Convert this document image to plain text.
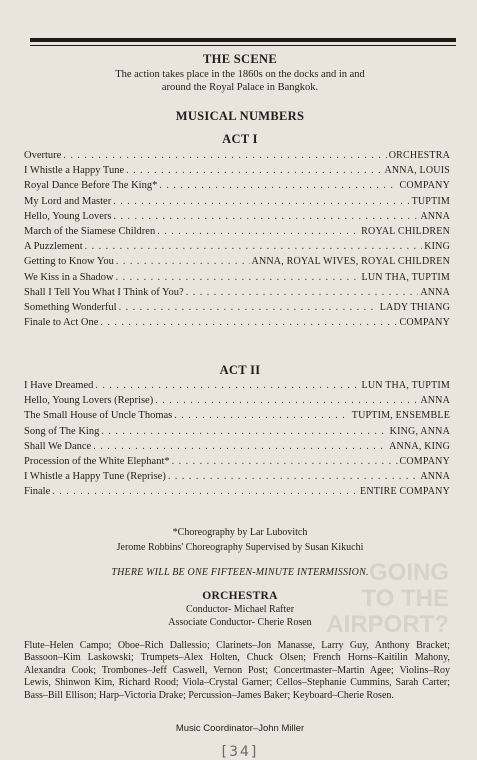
GOING
TO THE
AIRPORT?
THE SCENE
The action takes place in the 1860s on the docks and in and
around the Royal Palace in Bangkok.
MUSICAL NUMBERS
ACT I
Overture . . .	ORCHESTRA
I Whistle a Happy Tune . . .	ANNA, LOUIS
Royal Dance Before The King* . . .	COMPANY
My Lord and Master . . .	TUPTIM
Hello, Young Lovers . . .	ANNA
March of the Siamese Children . . .	ROYAL CHILDREN
A Puzzlement . . .	KING
Getting to Know You . . .	ANNA, ROYAL WIVES, ROYAL CHILDREN
We Kiss in a Shadow . . .	LUN THA, TUPTIM
Shall I Tell You What I Think of You? . . .	ANNA
Something Wonderful . . .	LADY THIANG
Finale to Act One . . .	COMPANY
ACT II
I Have Dreamed . . .	LUN THA, TUPTIM
Hello, Young Lovers (Reprise) . . .	ANNA
The Small House of Uncle Thomas . . .	TUPTIM, ENSEMBLE
Song of The King . . .	KING, ANNA
Shall We Dance . . .	ANNA, KING
Procession of the White Elephant* . . .	COMPANY
I Whistle a Happy Tune (Reprise) . . .	ANNA
Finale . . .	ENTIRE COMPANY
*Choreography by Lar Lubovitch
Jerome Robbins' Choreography Supervised by Susan Kikuchi
THERE WILL BE ONE FIFTEEN-MINUTE INTERMISSION.
ORCHESTRA
Conductor- Michael Rafter
Associate Conductor- Cherie Rosen
Flute–Helen Campo; Oboe–Rich Dallessio; Clarinets–Jon Manasse, Larry Guy, Anthony Bracket; Bassoon–Kim Laskowski; Trumpets–Alex Holten, Chuck Olsen; French Horns–Kaitilin Mahony, Alexandra Cook; Trombones–Jeff Caswell, Vernon Post; Concertmaster–Martin Agee; Violins–Roy Lewis, Shinwon Kim, Richard Rood; Viola–Crystal Garner; Cellos–Stephanie Cummins, Sarah Carter; Bass–Bill Ellison; Harp–Victoria Drake; Percussion–James Baker; Keyboard–Cherie Rosen.
Music Coordinator–John Miller
[34]
